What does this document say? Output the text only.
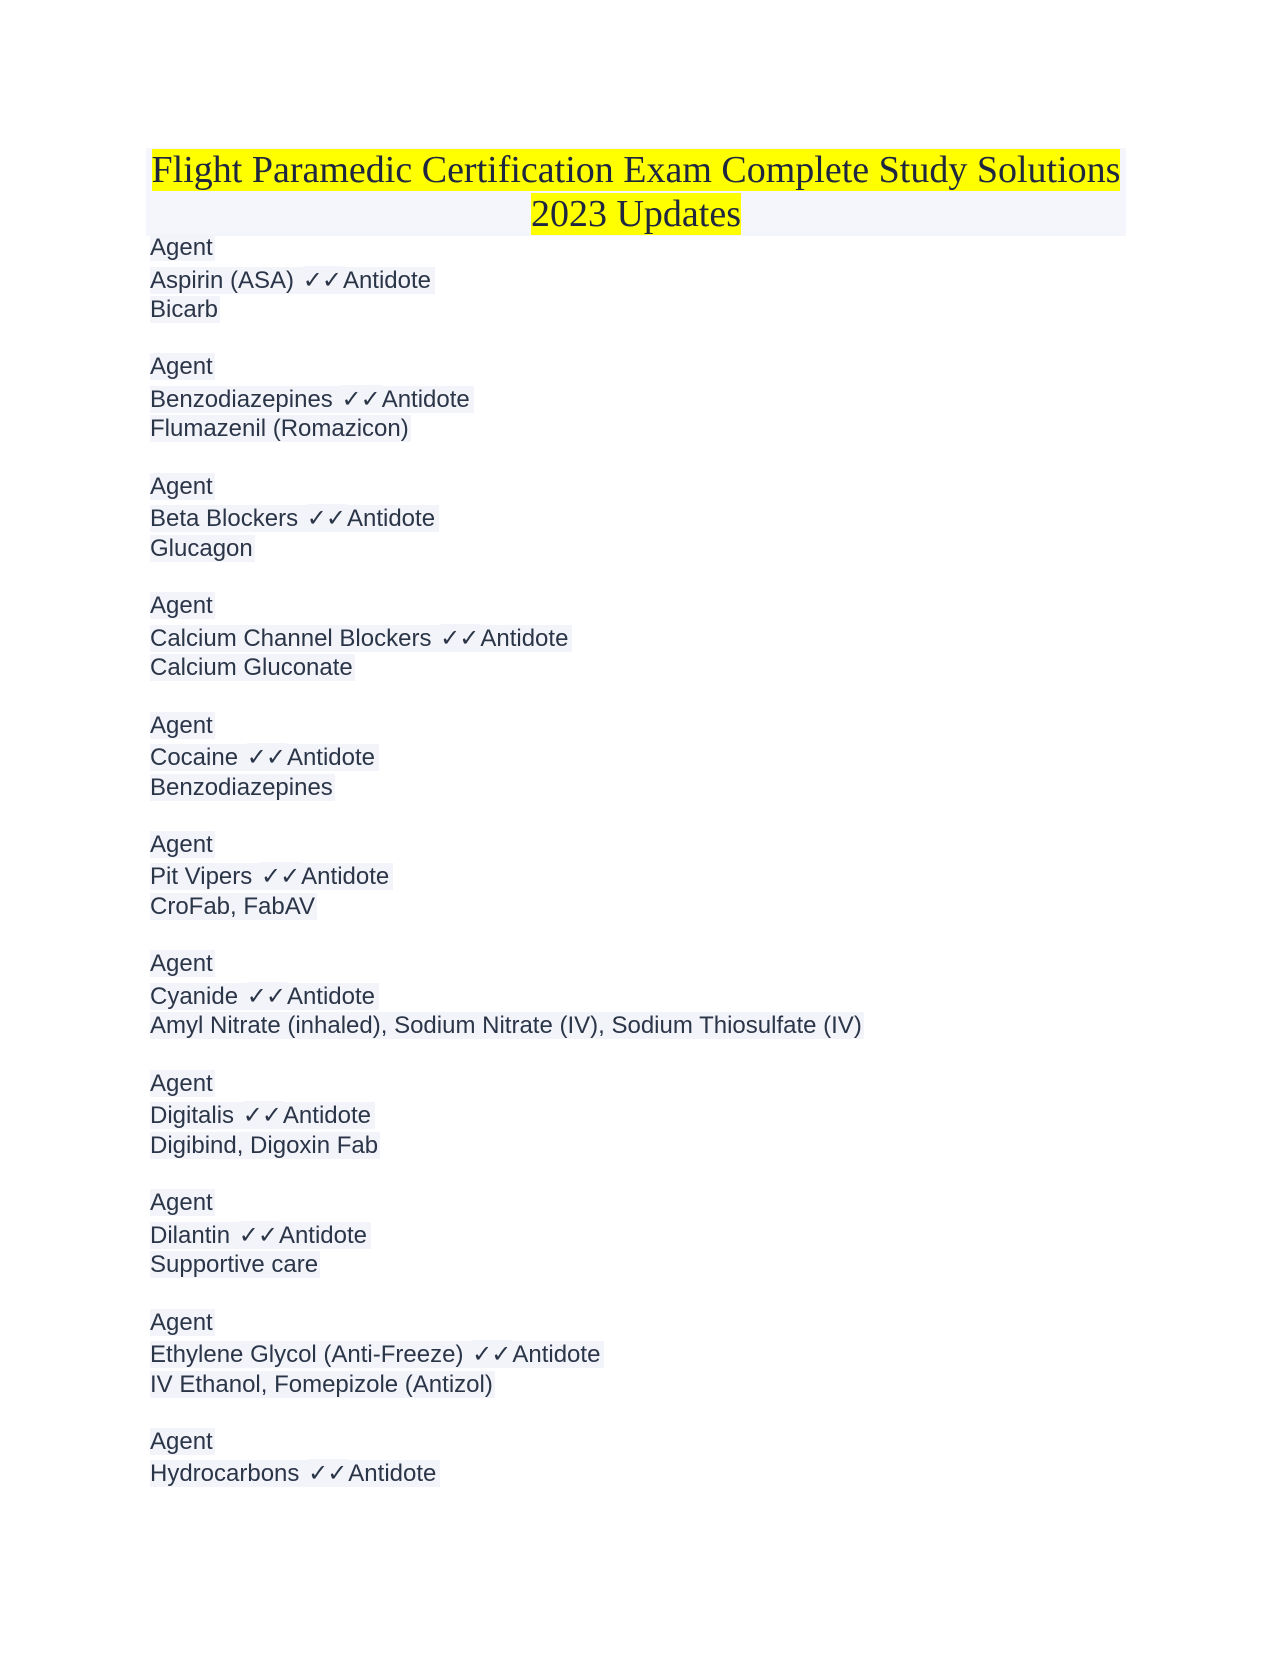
Flight Paramedic Certification Exam Complete Study Solutions
2023 Updates
Agent
Aspirin (ASA) ✓✓Antidote
Bicarb
Agent
Benzodiazepines ✓✓Antidote
Flumazenil (Romazicon)
Agent
Beta Blockers ✓✓Antidote
Glucagon
Agent
Calcium Channel Blockers ✓✓Antidote
Calcium Gluconate
Agent
Cocaine ✓✓Antidote
Benzodiazepines
Agent
Pit Vipers ✓✓Antidote
CroFab, FabAV
Agent
Cyanide ✓✓Antidote
Amyl Nitrate (inhaled), Sodium Nitrate (IV), Sodium Thiosulfate (IV)
Agent
Digitalis ✓✓Antidote
Digibind, Digoxin Fab
Agent
Dilantin ✓✓Antidote
Supportive care
Agent
Ethylene Glycol (Anti-Freeze) ✓✓Antidote
IV Ethanol, Fomepizole (Antizol)
Agent
Hydrocarbons ✓✓Antidote
